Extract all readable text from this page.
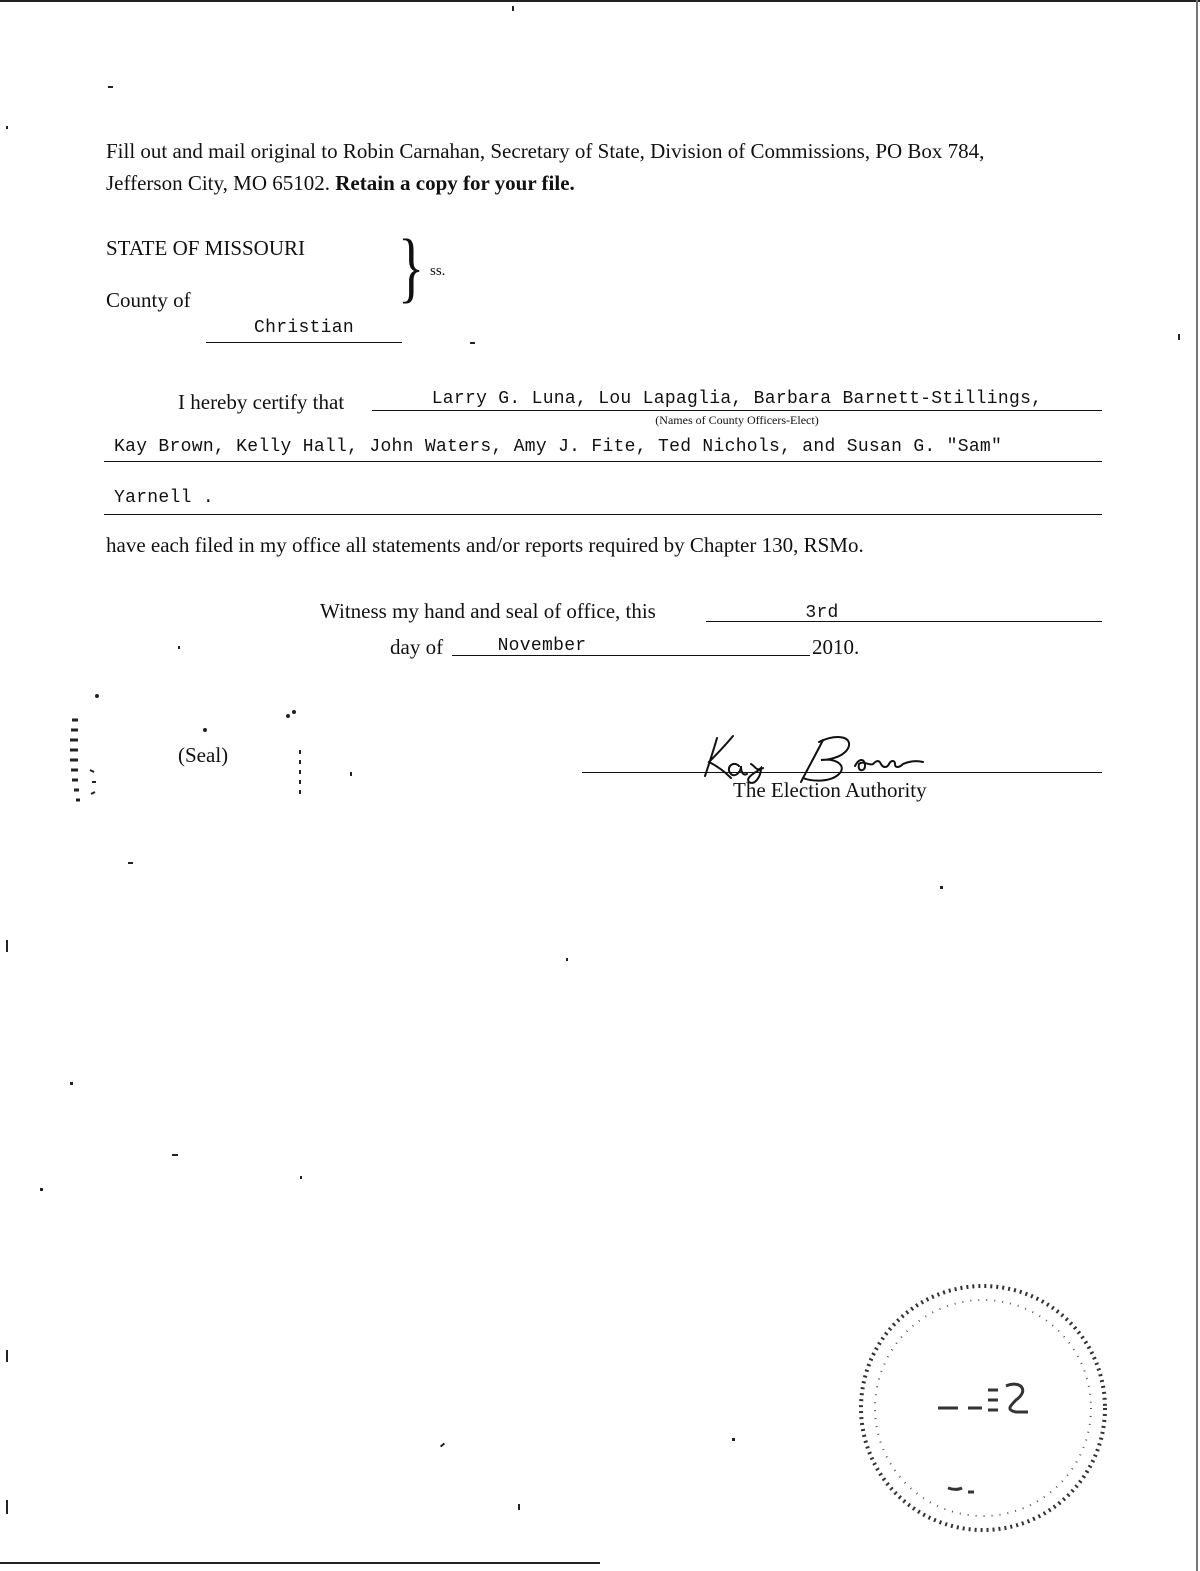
Fill out and mail original to Robin Carnahan, Secretary of State, Division of Commissions, PO Box 784,
Jefferson City, MO 65102. Retain a copy for your file.
STATE OF MISSOURI } ss.
County of
Christian
I hereby certify that	Larry G. Luna, Lou Lapaglia, Barbara Barnett-Stillings,
(Names of County Officers-Elect)
Kay Brown, Kelly Hall, John Waters, Amy J. Fite, Ted Nichols, and Susan G. "Sam"
Yarnell .
have each filed in my office all statements and/or reports required by Chapter 130, RSMo.
Witness my hand and seal of office, this	3rd
day of	November	2010.
(Seal)
The Election Authority
